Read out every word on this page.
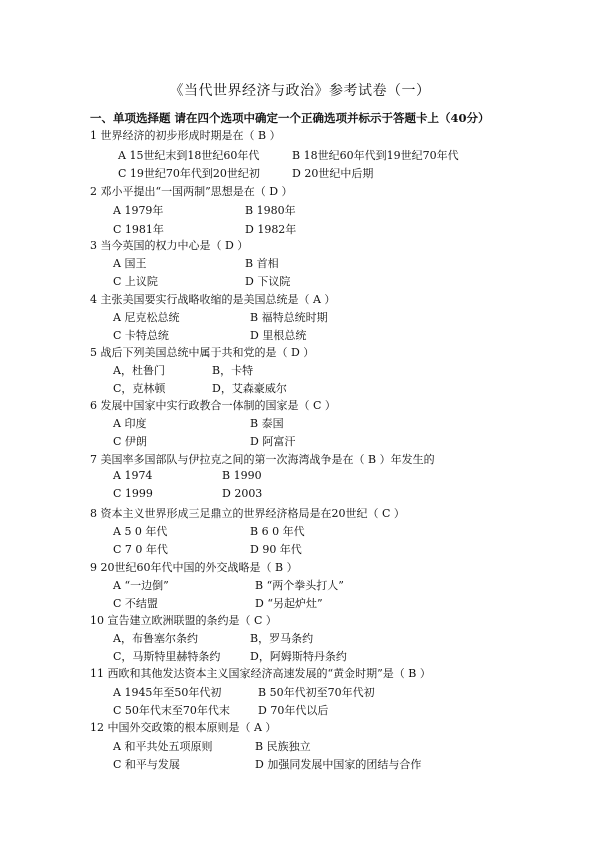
《当代世界经济与政治》参考试卷（一）
一、单项选择题 请在四个选项中确定一个正确选项并标示于答题卡上（40分）
1 世界经济的初步形成时期是在（ B ）
A 15世纪末到18世纪60年代	B 18世纪60年代到19世纪70年代
C 19世纪70年代到20世纪初	D 20世纪中后期
2 邓小平提出“一国两制”思想是在（ D ）
A 1979年	B 1980年
C 1981年	D 1982年
3 当今英国的权力中心是（ D ）
A 国王	B 首相
C 上议院	D 下议院
4 主张美国要实行战略收缩的是美国总统是（ A ）
A 尼克松总统	B 福特总统时期
C 卡特总统	D 里根总统
5 战后下列美国总统中属于共和党的是（ D ）
A，杜鲁门	B，卡特
C，克林顿	D，艾森豪威尔
6 发展中国家中实行政教合一体制的国家是（ C ）
A 印度	B 泰国
C 伊朗	D 阿富汗
7 美国率多国部队与伊拉克之间的第一次海湾战争是在（ B ）年发生的
A 1974	B 1990
C 1999	D 2003
8 资本主义世界形成三足鼎立的世界经济格局是在20世纪（ C ）
A 5 0 年代	B 6 0 年代
C 7 0 年代	D 90 年代
9 20世纪60年代中国的外交战略是（ B ）
A “一边倒”	B “两个拳头打人”
C 不结盟	D “另起炉灶”
10 宣告建立欧洲联盟的条约是（ C ）
A，布鲁塞尔条约	B，罗马条约
C，马斯特里赫特条约	D，阿姆斯特丹条约
11 西欧和其他发达资本主义国家经济高速发展的“黄金时期”是（ B ）
A 1945年至50年代初	B 50年代初至70年代初
C 50年代末至70年代末	D 70年代以后
12 中国外交政策的根本原则是（ A ）
A 和平共处五项原则	B 民族独立
C 和平与发展	D 加强同发展中国家的团结与合作
